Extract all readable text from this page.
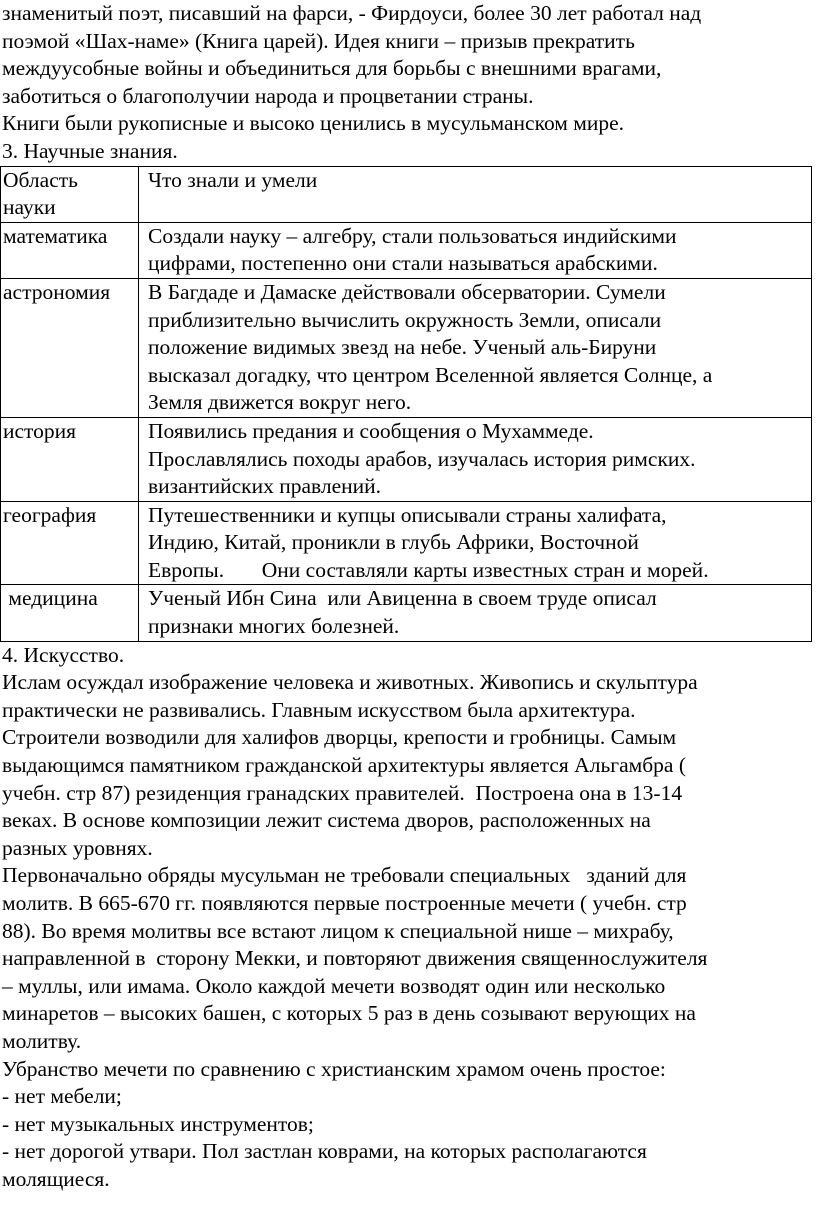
знаменитый поэт, писавший на фарси, - Фирдоуси, более 30 лет работал над
поэмой «Шах-наме» (Книга царей). Идея книги – призыв прекратить
междуусобные войны и объединиться для борьбы с внешними врагами,
заботиться о благополучии народа и процветании страны.
Книги были рукописные и высоко ценились в мусульманском мире.
3. Научные знания.
Область
науки	Что знали и умели

математика	Создали науку – алгебру, стали пользоваться индийскими
цифрами, постепенно они стали называться арабскими.

астрономия	В Багдаде и Дамаске действовали обсерватории. Сумели
приблизительно вычислить окружность Земли, описали
положение видимых звезд на небе. Ученый аль-Бируни
высказал догадку, что центром Вселенной является Солнце, а
Земля движется вокруг него.

история	Появились предания и сообщения о Мухаммеде.
Прославлялись походы арабов, изучалась история римских.
византийских правлений.

география	Путешественники и купцы описывали страны халифата,
Индию, Китай, проникли в глубь Африки, Восточной
Европы.       Они составляли карты известных стран и морей.

медицина	Ученый Ибн Сина  или Авиценна в своем труде описал
признаки многих болезней.
4. Искусство.
Ислам осуждал изображение человека и животных. Живопись и скульптура
практически не развивались. Главным искусством была архитектура.
Строители возводили для халифов дворцы, крепости и гробницы. Самым
выдающимся памятником гражданской архитектуры является Альгамбра (
учебн. стр 87) резиденция гранадских правителей.  Построена она в 13-14
веках. В основе композиции лежит система дворов, расположенных на
разных уровнях.
Первоначально обряды мусульман не требовали специальных   зданий для
молитв. В 665-670 гг. появляются первые построенные мечети ( учебн. стр
88). Во время молитвы все встают лицом к специальной нише – михрабу,
направленной в  сторону Мекки, и повторяют движения священнослужителя
– муллы, или имама. Около каждой мечети возводят один или несколько
минаретов – высоких башен, с которых 5 раз в день созывают верующих на
молитву.
Убранство мечети по сравнению с христианским храмом очень простое:
- нет мебели;
- нет музыкальных инструментов;
- нет дорогой утвари. Пол застлан коврами, на которых располагаются
молящиеся.
